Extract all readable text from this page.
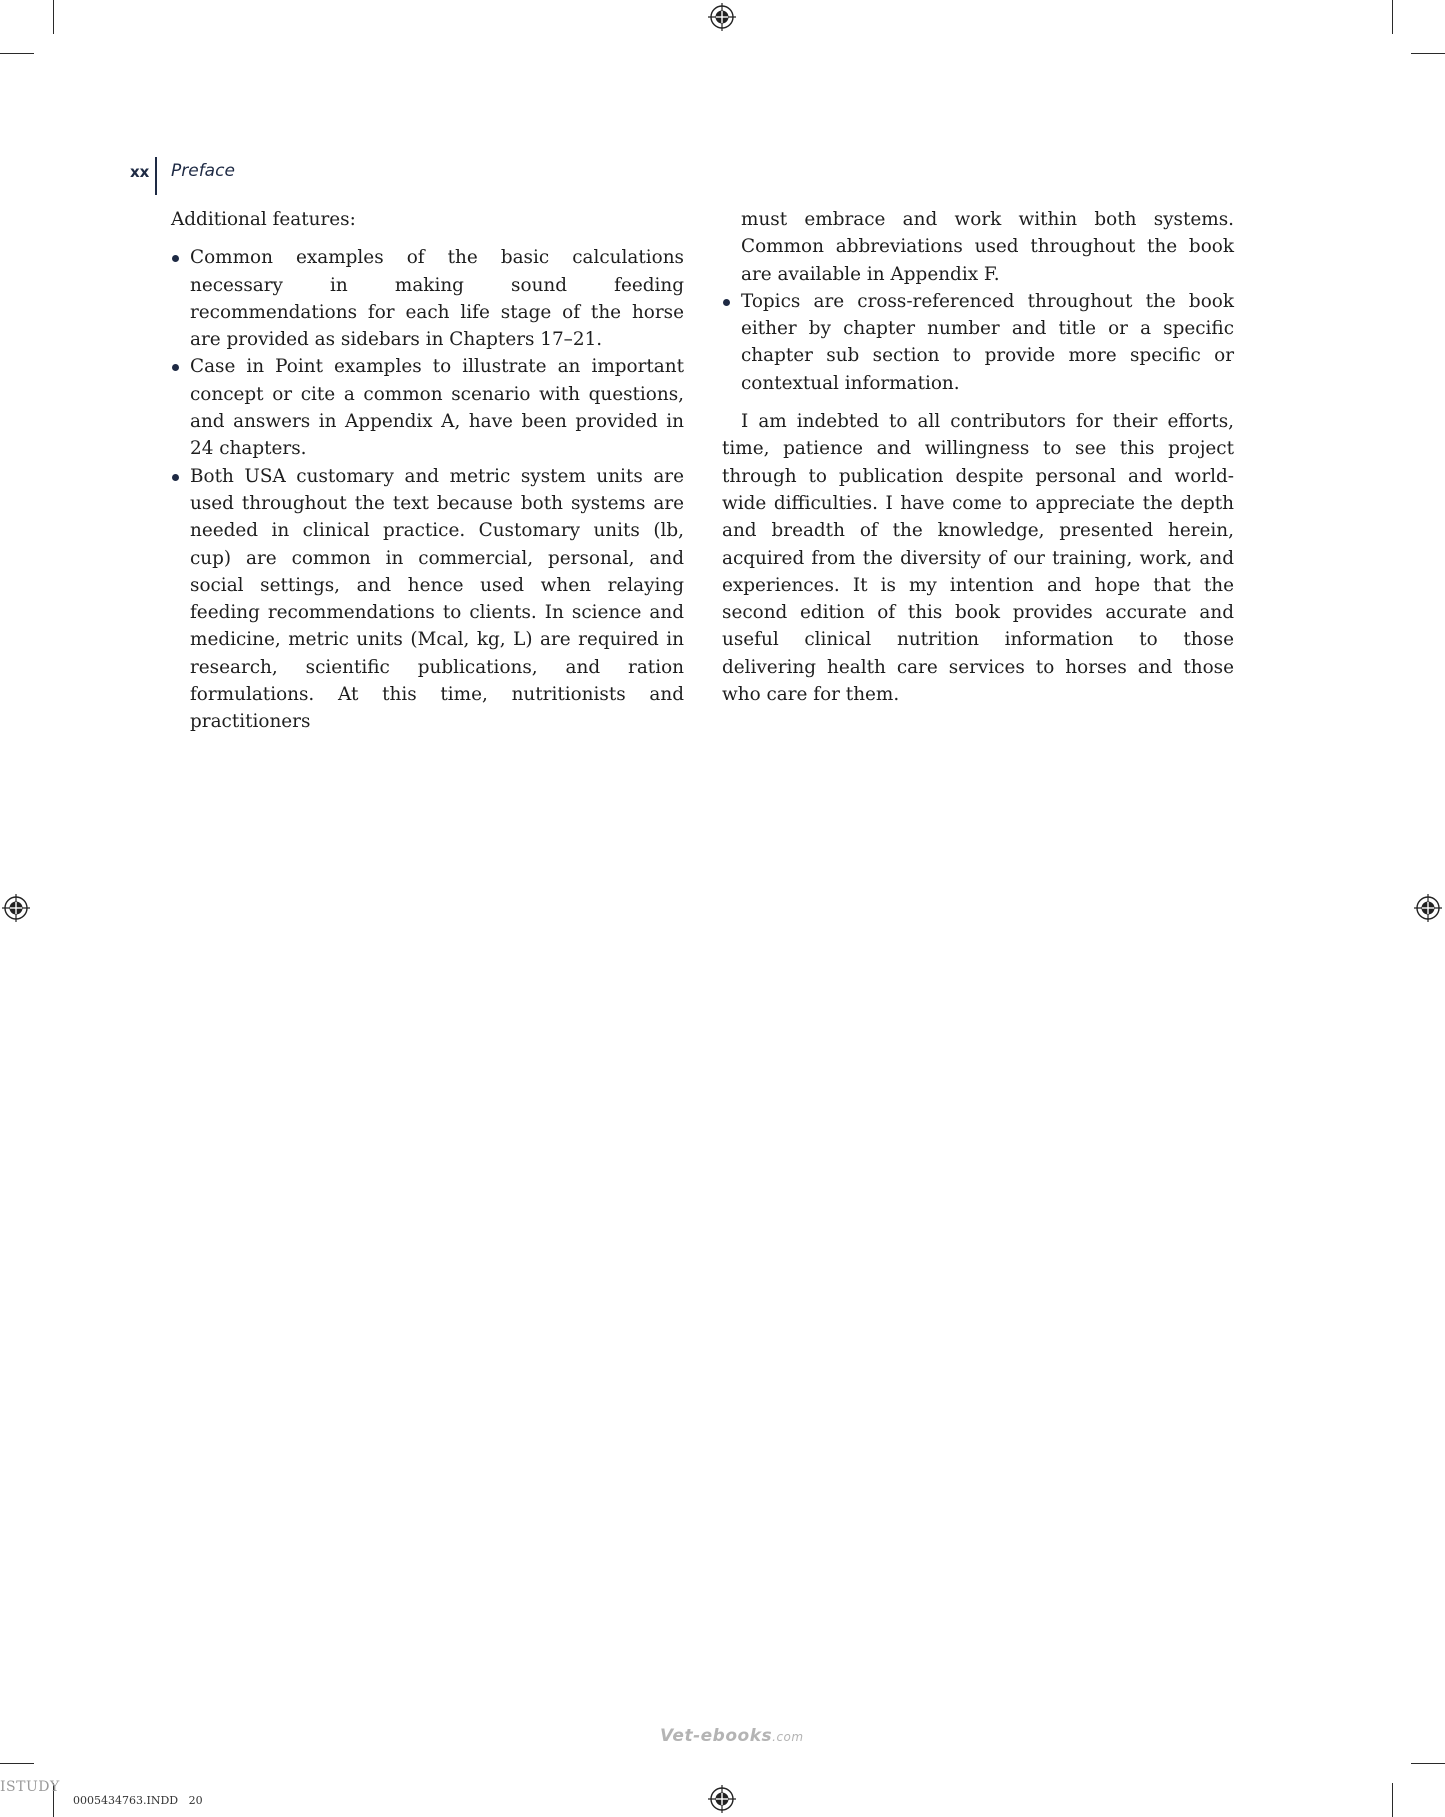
xx Preface

Additional features:

Common examples of the basic calculations necessary in making sound feeding recommendations for each life stage of the horse are provided as sidebars in Chapters 17–21.
Case in Point examples to illustrate an important concept or cite a common scenario with questions, and answers in Appendix A, have been provided in 24 chapters.
Both USA customary and metric system units are used throughout the text because both systems are needed in clinical practice. Customary units (lb, cup) are common in commercial, personal, and social settings, and hence used when relaying feeding recommendations to clients. In science and medicine, metric units (Mcal, kg, L) are required in research, scientific publications, and ration formulations. At this time, nutritionists and practitioners

must embrace and work within both systems. Common abbreviations used throughout the book are available in Appendix F.

Topics are cross-referenced throughout the book either by chapter number and title or a specific chapter sub section to provide more specific or contextual information.

I am indebted to all contributors for their efforts, time, patience and willingness to see this project through to publication despite personal and world-wide difficulties. I have come to appreciate the depth and breadth of the knowledge, presented herein, acquired from the diversity of our training, work, and experiences. It is my intention and hope that the second edition of this book provides accurate and useful clinical nutrition information to those delivering health care services to horses and those who care for them.

Vet-ebooks.com
0005434763.INDD   20
ISTUDY
